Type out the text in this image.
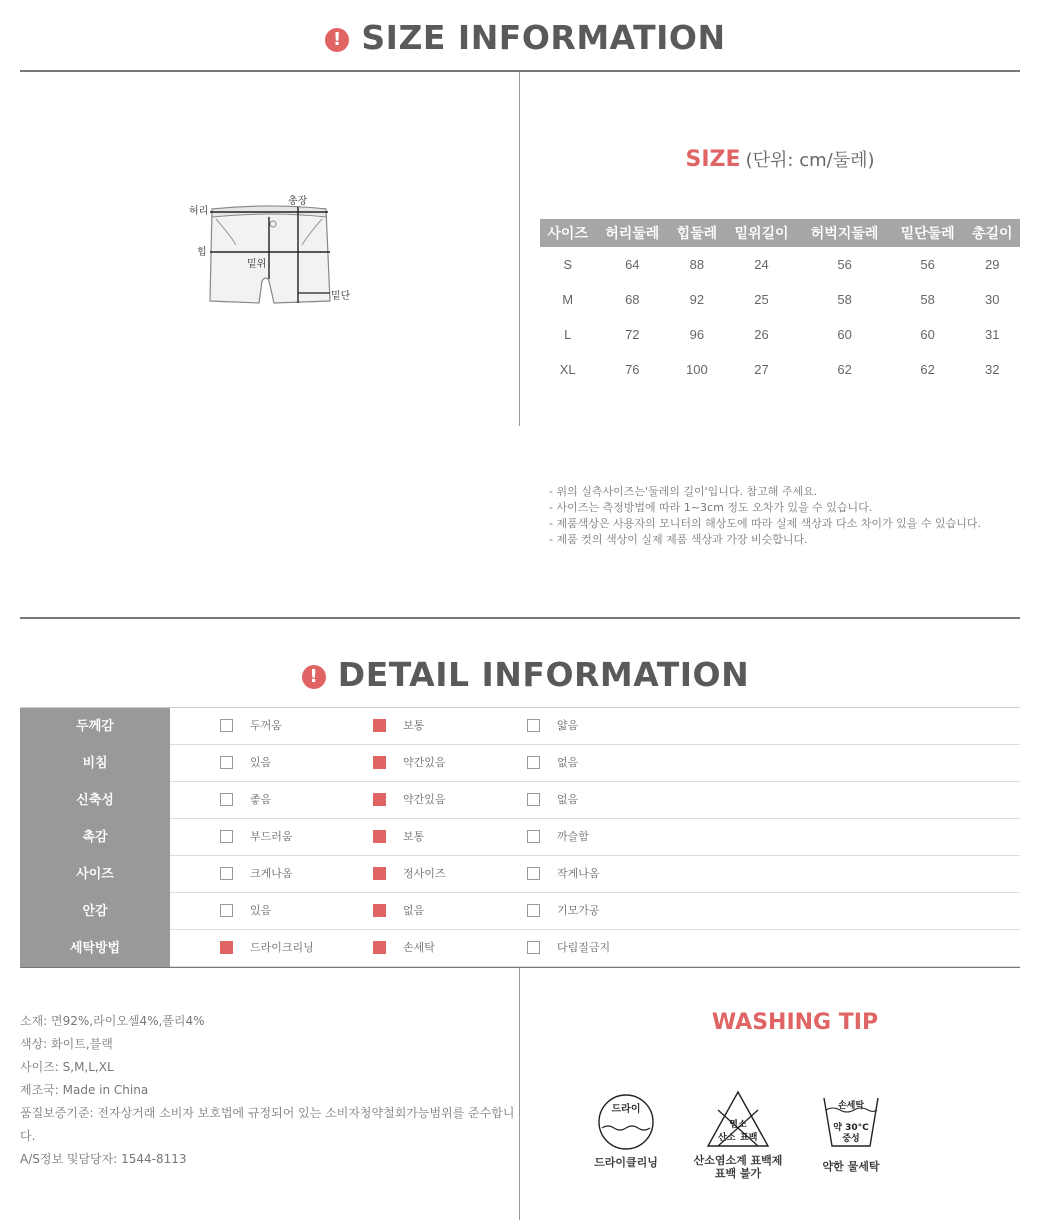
! SIZE INFORMATION
허리
총장
힙
밑위
밑단
SIZE (단위: cm/둘레)
사이즈	허리둘레	힙둘레	밑위길이	허벅지둘레	밑단둘레	총길이
S	64	88	24	56	56	29
M	68	92	25	58	58	30
L	72	96	26	60	60	31
XL	76	100	27	62	62	32
- 위의 실측사이즈는'둘레의 길이'입니다. 참고해 주세요.
- 사이즈는 측정방법에 따라 1~3cm 정도 오차가 있을 수 있습니다.
- 제품색상은 사용자의 모니터의 해상도에 따라 실제 색상과 다소 차이가 있을 수 있습니다.
- 제품 컷의 색상이 실제 제품 색상과 가장 비슷합니다.
! DETAIL INFORMATION
두께감	두꺼움	보통	얇음
비침	있음	약간있음	없음
신축성	좋음	약간있음	없음
촉감	부드러움	보통	까슬함
사이즈	크게나옴	정사이즈	작게나옴
안감	있음	없음	기모가공
세탁방법	드라이크리닝	손세탁	다림질금지
소재: 면92%,라이오셀4%,폴리4%
색상: 화이트,블랙
사이즈: S,M,L,XL
제조국: Made in China
품질보증기준: 전자상거래 소비자 보호법에 규정되어 있는 소비자청약철회가능범위를 준수합니다.
A/S정보 및담당자: 1544-8113
WASHING TIP
드라이
드라이클리닝
염소
산소 표백
산소염소계 표백제
표백 불가
손세탁
약 30°C
중성
약한 물세탁
